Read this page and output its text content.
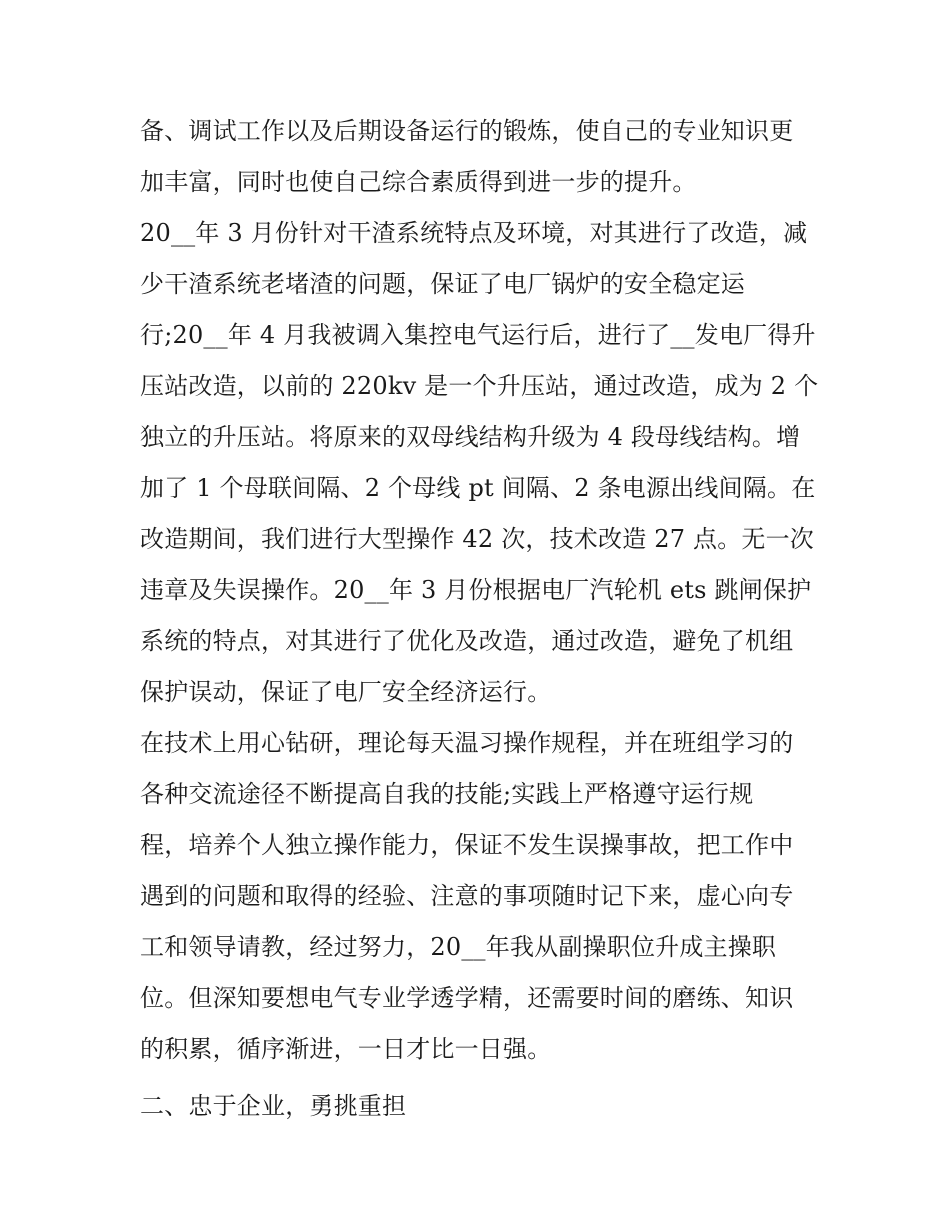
备、调试工作以及后期设备运行的锻炼，使自己的专业知识更
加丰富，同时也使自己综合素质得到进一步的提升。
20__年 3 月份针对干渣系统特点及环境，对其进行了改造，减
少干渣系统老堵渣的问题，保证了电厂锅炉的安全稳定运
行;20__年 4 月我被调入集控电气运行后，进行了__发电厂得升
压站改造，以前的 220kv 是一个升压站，通过改造，成为 2 个
独立的升压站。将原来的双母线结构升级为 4 段母线结构。增
加了 1 个母联间隔、2 个母线 pt 间隔、2 条电源出线间隔。在
改造期间，我们进行大型操作 42 次，技术改造 27 点。无一次
违章及失误操作。20__年 3 月份根据电厂汽轮机 ets 跳闸保护
系统的特点，对其进行了优化及改造，通过改造，避免了机组
保护误动，保证了电厂安全经济运行。
在技术上用心钻研，理论每天温习操作规程，并在班组学习的
各种交流途径不断提高自我的技能;实践上严格遵守运行规
程，培养个人独立操作能力，保证不发生误操事故，把工作中
遇到的问题和取得的经验、注意的事项随时记下来，虚心向专
工和领导请教，经过努力，20__年我从副操职位升成主操职
位。但深知要想电气专业学透学精，还需要时间的磨练、知识
的积累，循序渐进，一日才比一日强。
二、忠于企业，勇挑重担
